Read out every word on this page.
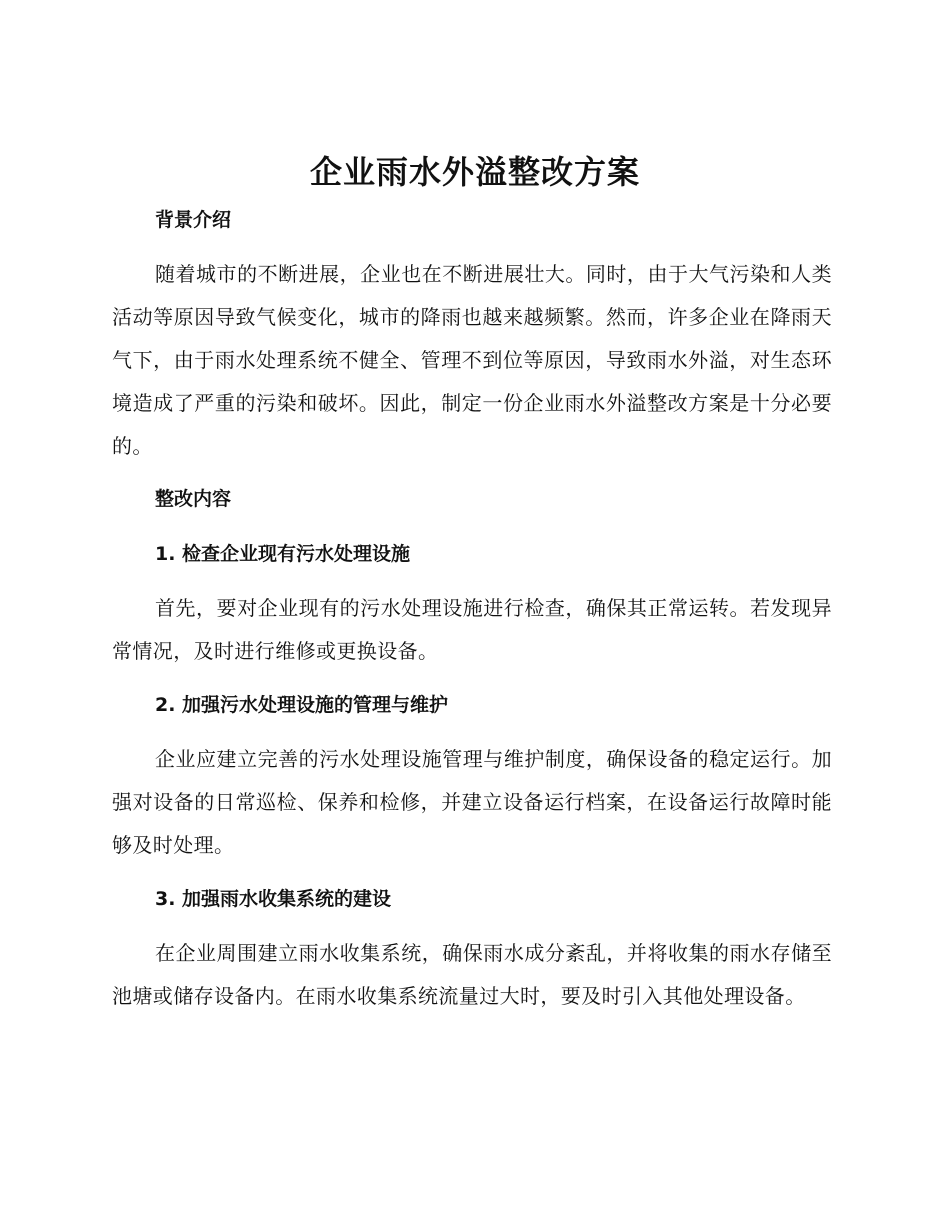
企业雨水外溢整改方案
背景介绍

随着城市的不断进展，企业也在不断进展壮大。同时，由于大气污染和人类活动等原因导致气候变化，城市的降雨也越来越频繁。然而，许多企业在降雨天气下，由于雨水处理系统不健全、管理不到位等原因，导致雨水外溢，对生态环境造成了严重的污染和破坏。因此，制定一份企业雨水外溢整改方案是十分必要的。

整改内容
1. 检查企业现有污水处理设施

首先，要对企业现有的污水处理设施进行检查，确保其正常运转。若发现异常情况，及时进行维修或更换设备。

2. 加强污水处理设施的管理与维护

企业应建立完善的污水处理设施管理与维护制度，确保设备的稳定运行。加强对设备的日常巡检、保养和检修，并建立设备运行档案，在设备运行故障时能够及时处理。

3. 加强雨水收集系统的建设

在企业周围建立雨水收集系统，确保雨水成分紊乱，并将收集的雨水存储至池塘或储存设备内。在雨水收集系统流量过大时，要及时引入其他处理设备。
